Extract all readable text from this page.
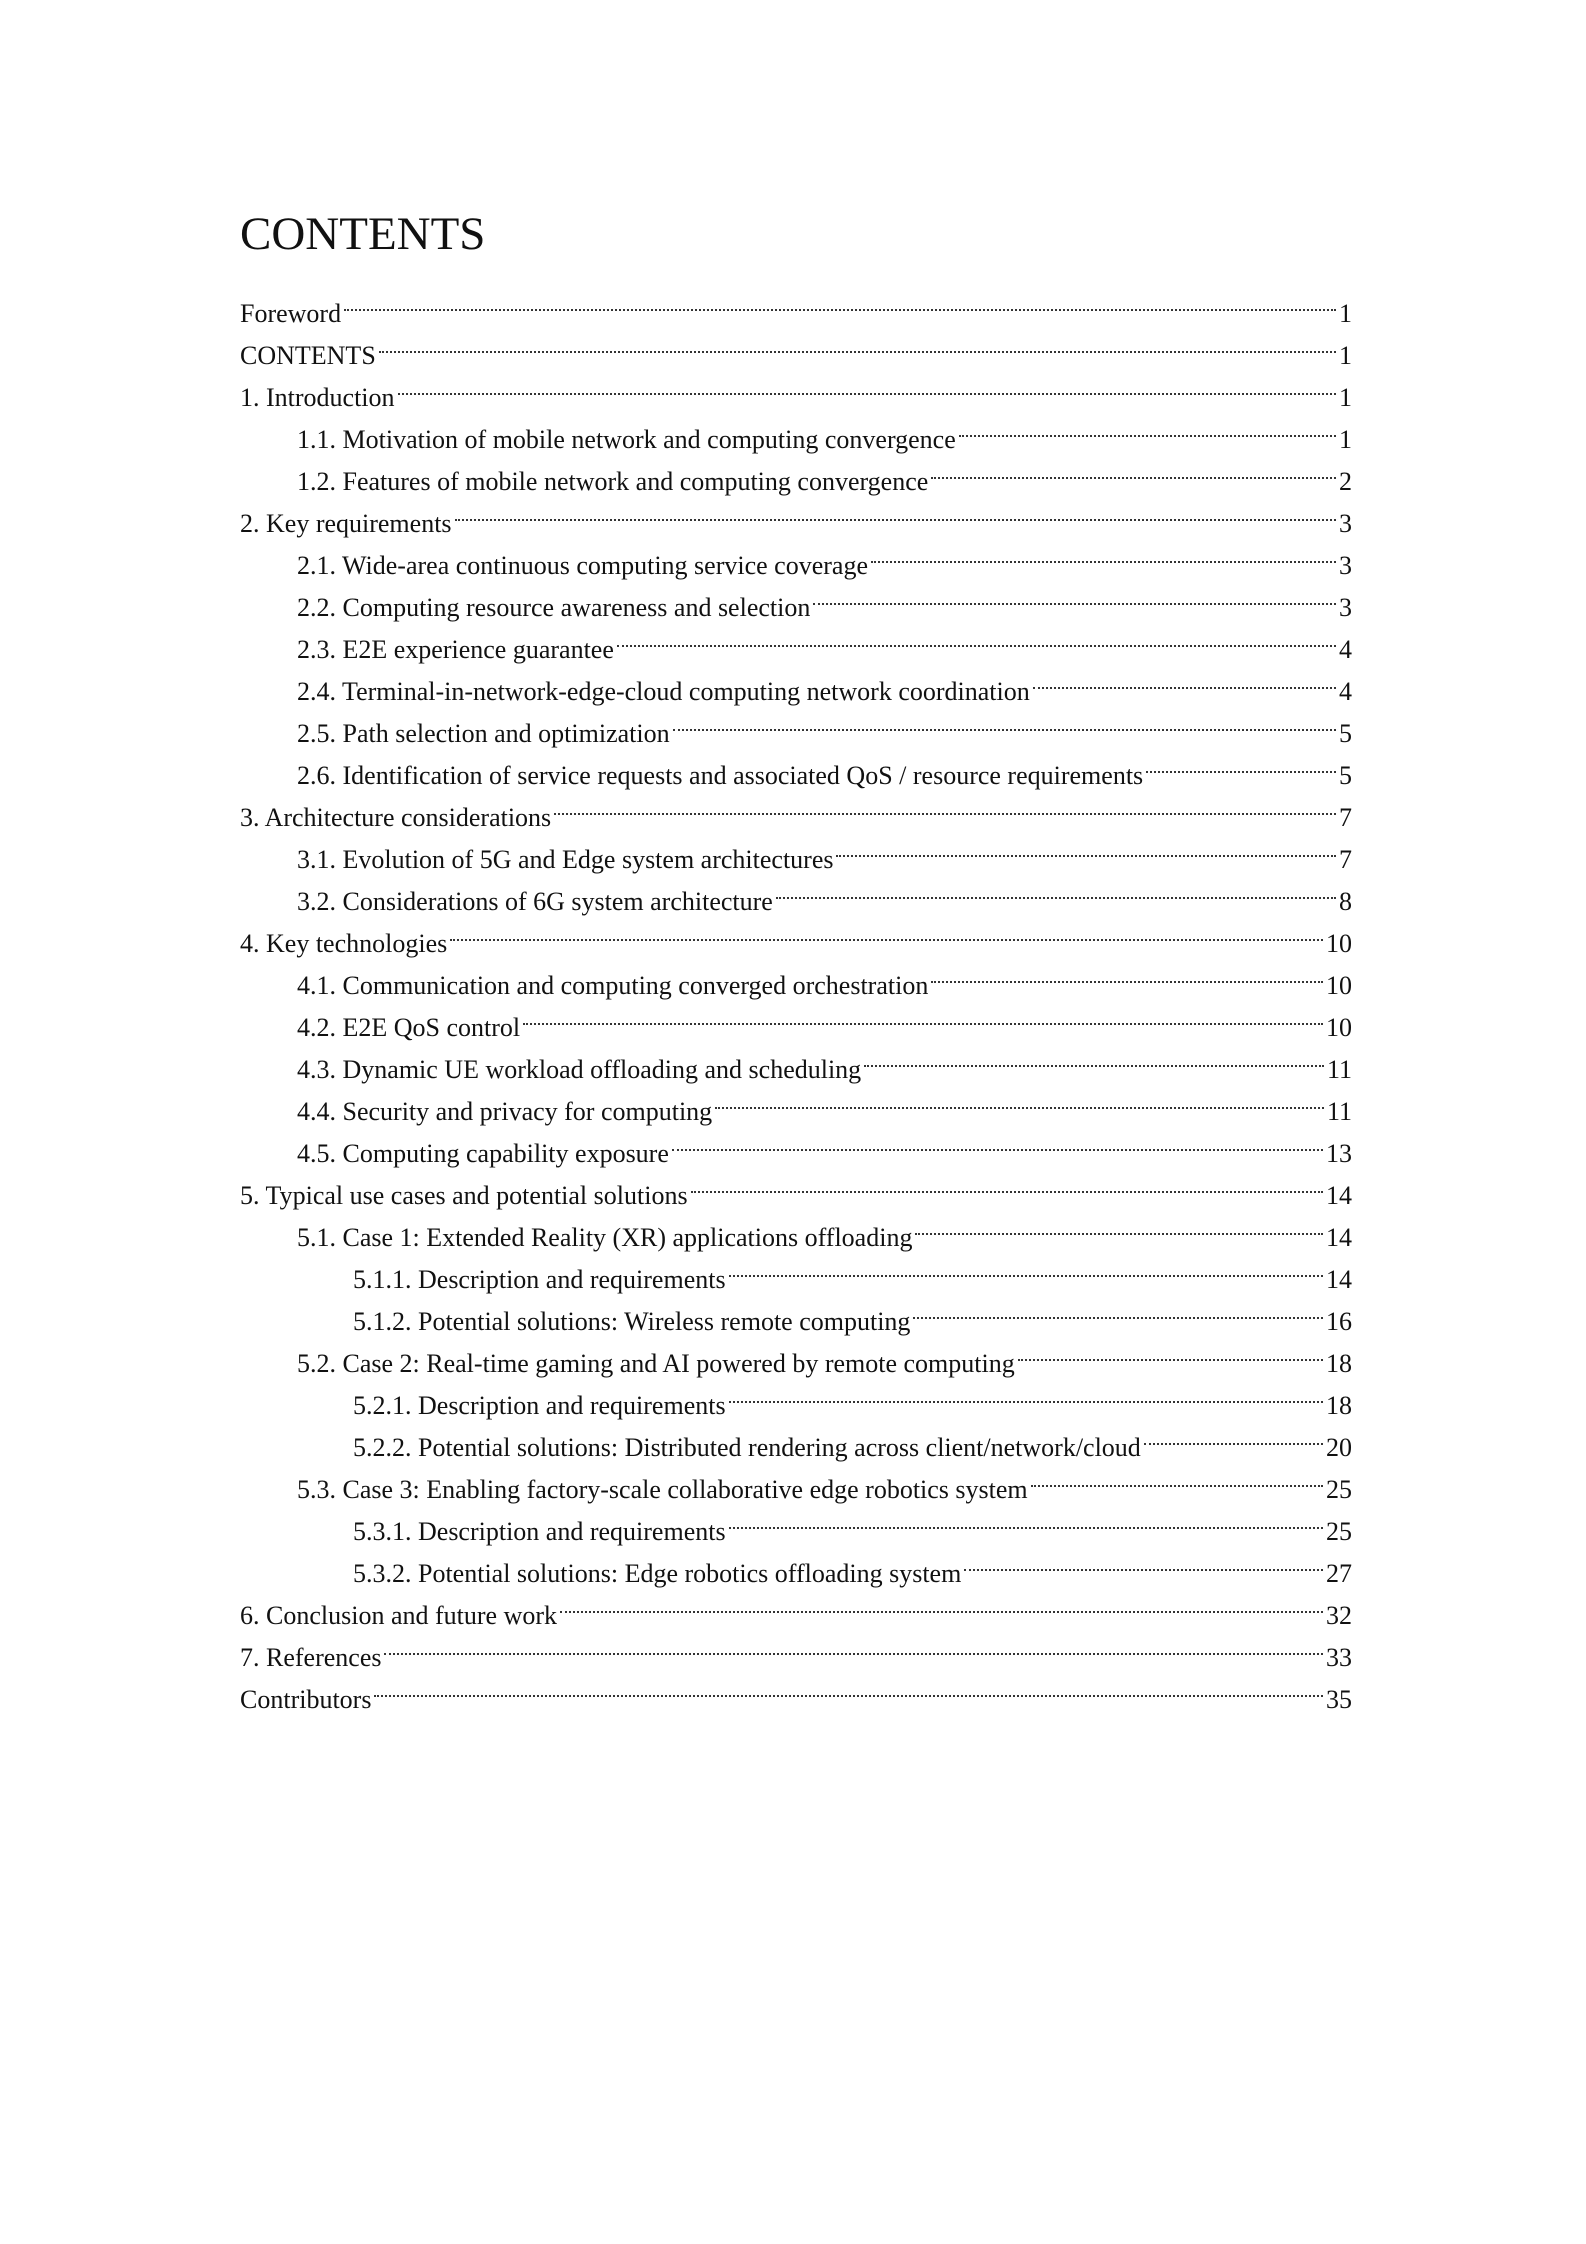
CONTENTS
Foreword	1
CONTENTS	1
1. Introduction	1
1.1. Motivation of mobile network and computing convergence	1
1.2. Features of mobile network and computing convergence	2
2. Key requirements	3
2.1. Wide-area continuous computing service coverage	3
2.2. Computing resource awareness and selection	3
2.3. E2E experience guarantee	4
2.4. Terminal-in-network-edge-cloud computing network coordination	4
2.5. Path selection and optimization	5
2.6. Identification of service requests and associated QoS / resource requirements	5
3. Architecture considerations	7
3.1. Evolution of 5G and Edge system architectures	7
3.2. Considerations of 6G system architecture	8
4. Key technologies	10
4.1. Communication and computing converged orchestration	10
4.2. E2E QoS control	10
4.3. Dynamic UE workload offloading and scheduling	11
4.4. Security and privacy for computing	11
4.5. Computing capability exposure	13
5. Typical use cases and potential solutions	14
5.1. Case 1: Extended Reality (XR) applications offloading	14
5.1.1. Description and requirements	14
5.1.2. Potential solutions: Wireless remote computing	16
5.2. Case 2: Real-time gaming and AI powered by remote computing	18
5.2.1. Description and requirements	18
5.2.2. Potential solutions: Distributed rendering across client/network/cloud	20
5.3. Case 3: Enabling factory-scale collaborative edge robotics system	25
5.3.1. Description and requirements	25
5.3.2. Potential solutions: Edge robotics offloading system	27
6. Conclusion and future work	32
7. References	33
Contributors	35
